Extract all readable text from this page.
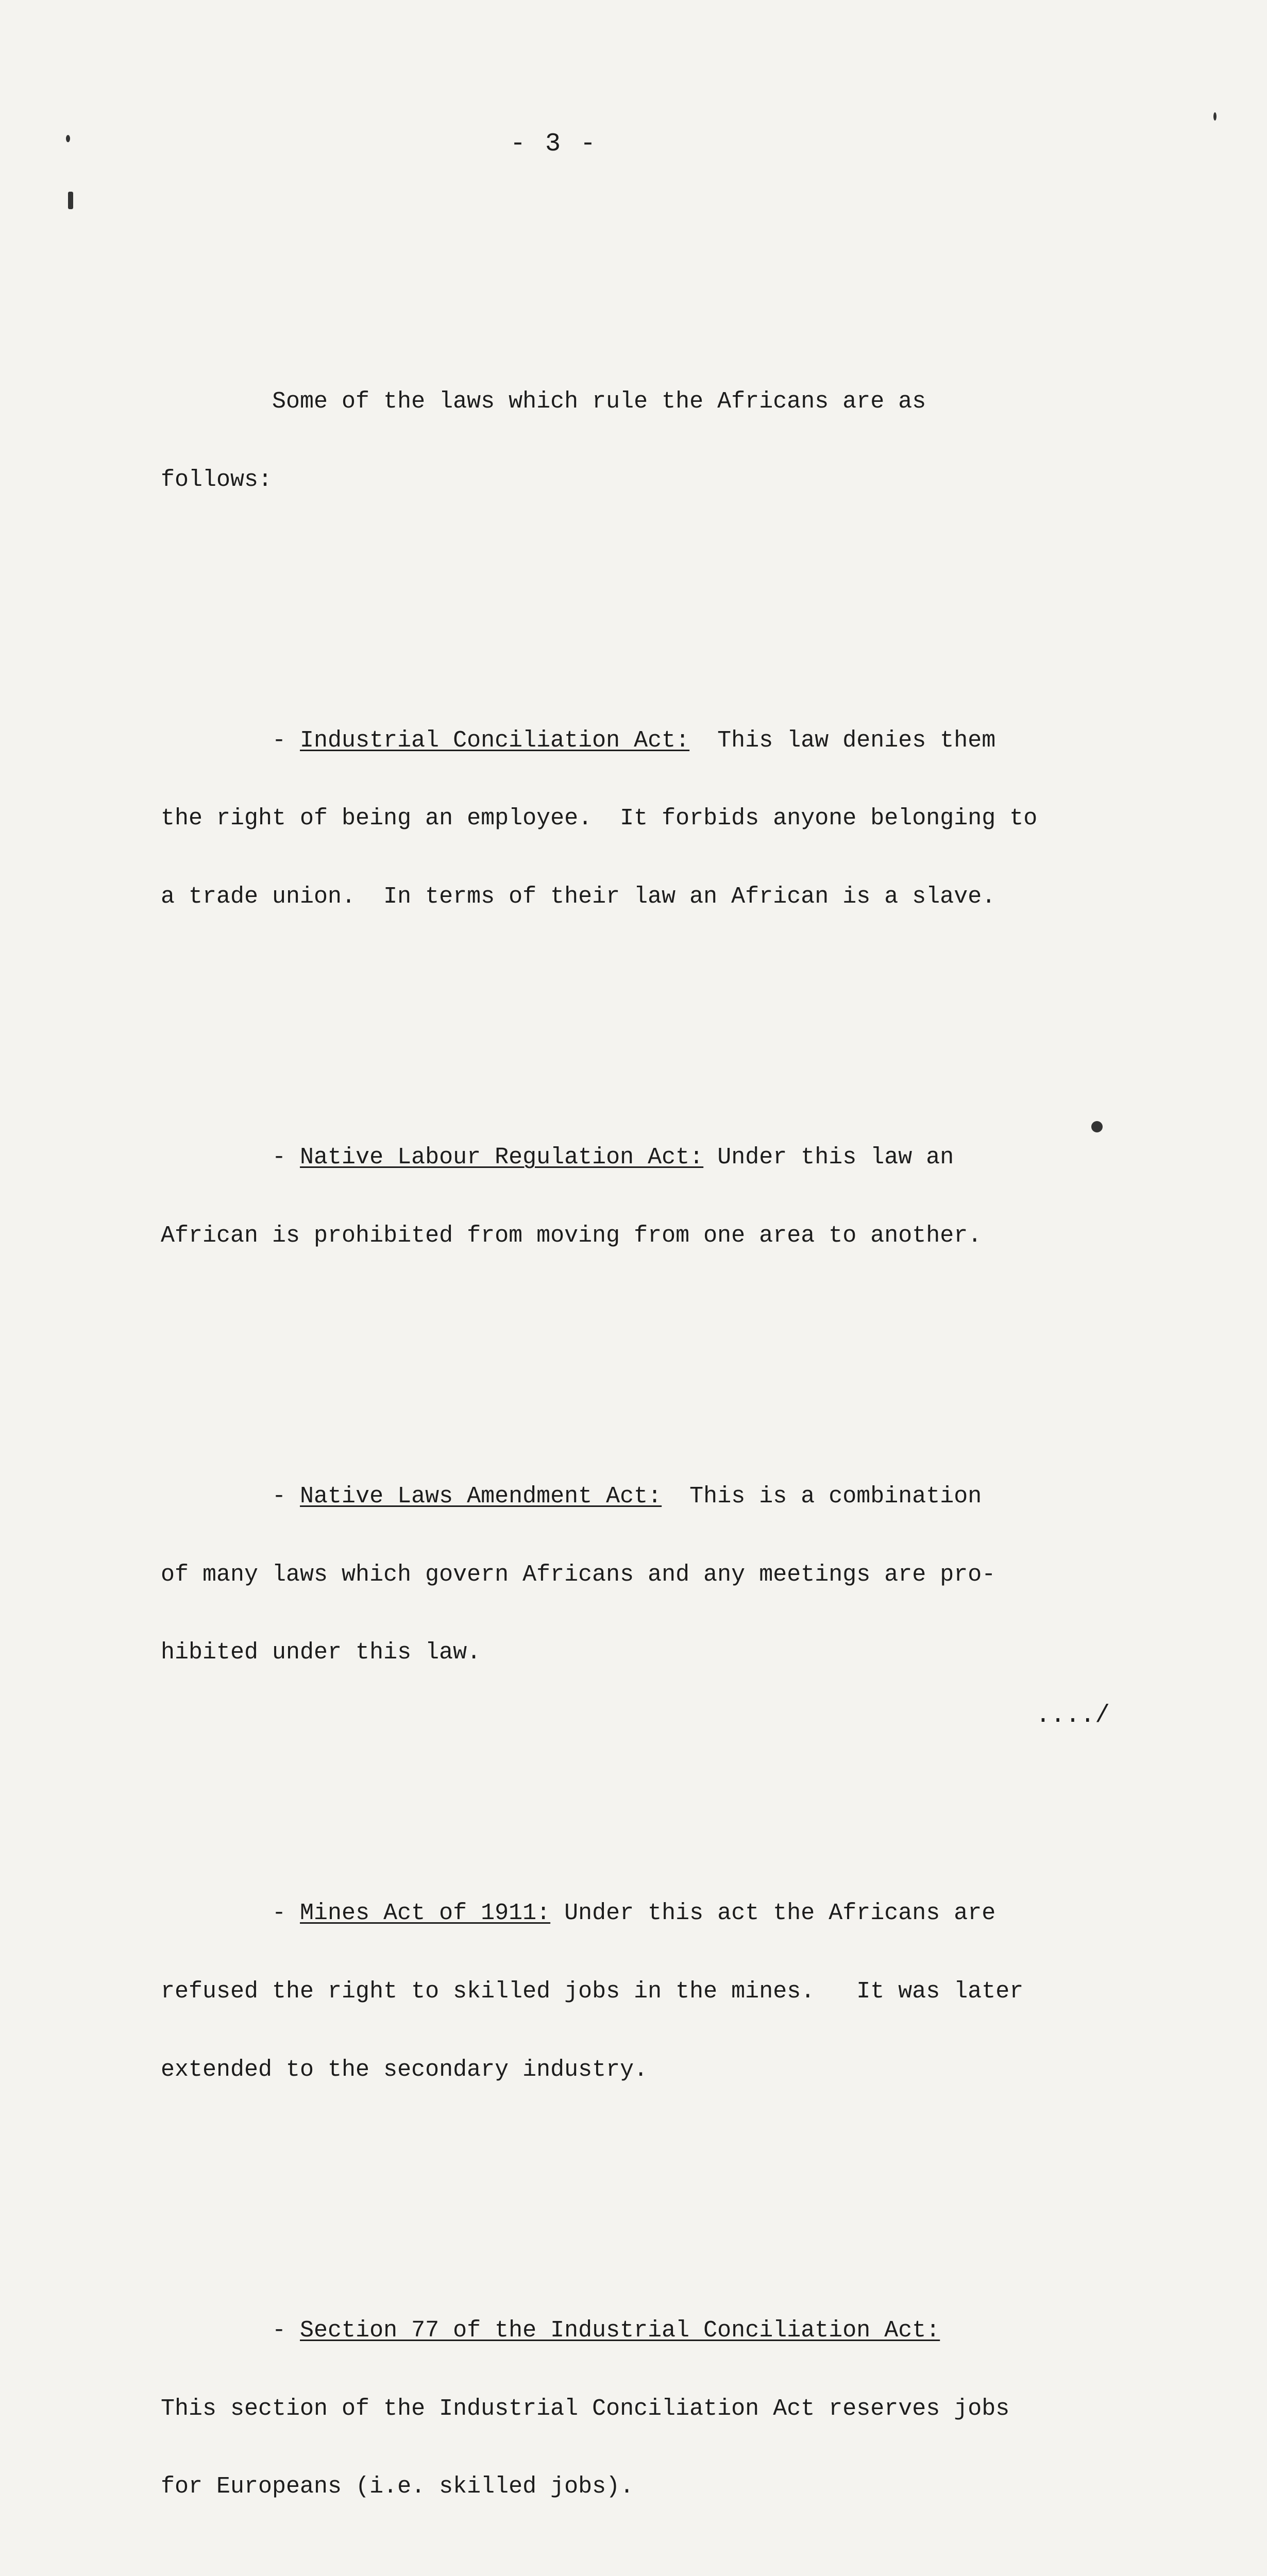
- 3 -

Some of the laws which rule the Africans are as

follows:

- Industrial Conciliation Act:  This law denies them

the right of being an employee.  It forbids anyone belonging to

a trade union.  In terms of their law an African is a slave.

- Native Labour Regulation Act: Under this law an

African is prohibited from moving from one area to another.

- Native Laws Amendment Act:  This is a combination

of many laws which govern Africans and any meetings are pro-

hibited under this law.

- Mines Act of 1911: Under this act the Africans are

refused the right to skilled jobs in the mines.   It was later

extended to the secondary industry.

- Section 77 of the Industrial Conciliation Act:

This section of the Industrial Conciliation Act reserves jobs

for Europeans (i.e. skilled jobs).

..../
